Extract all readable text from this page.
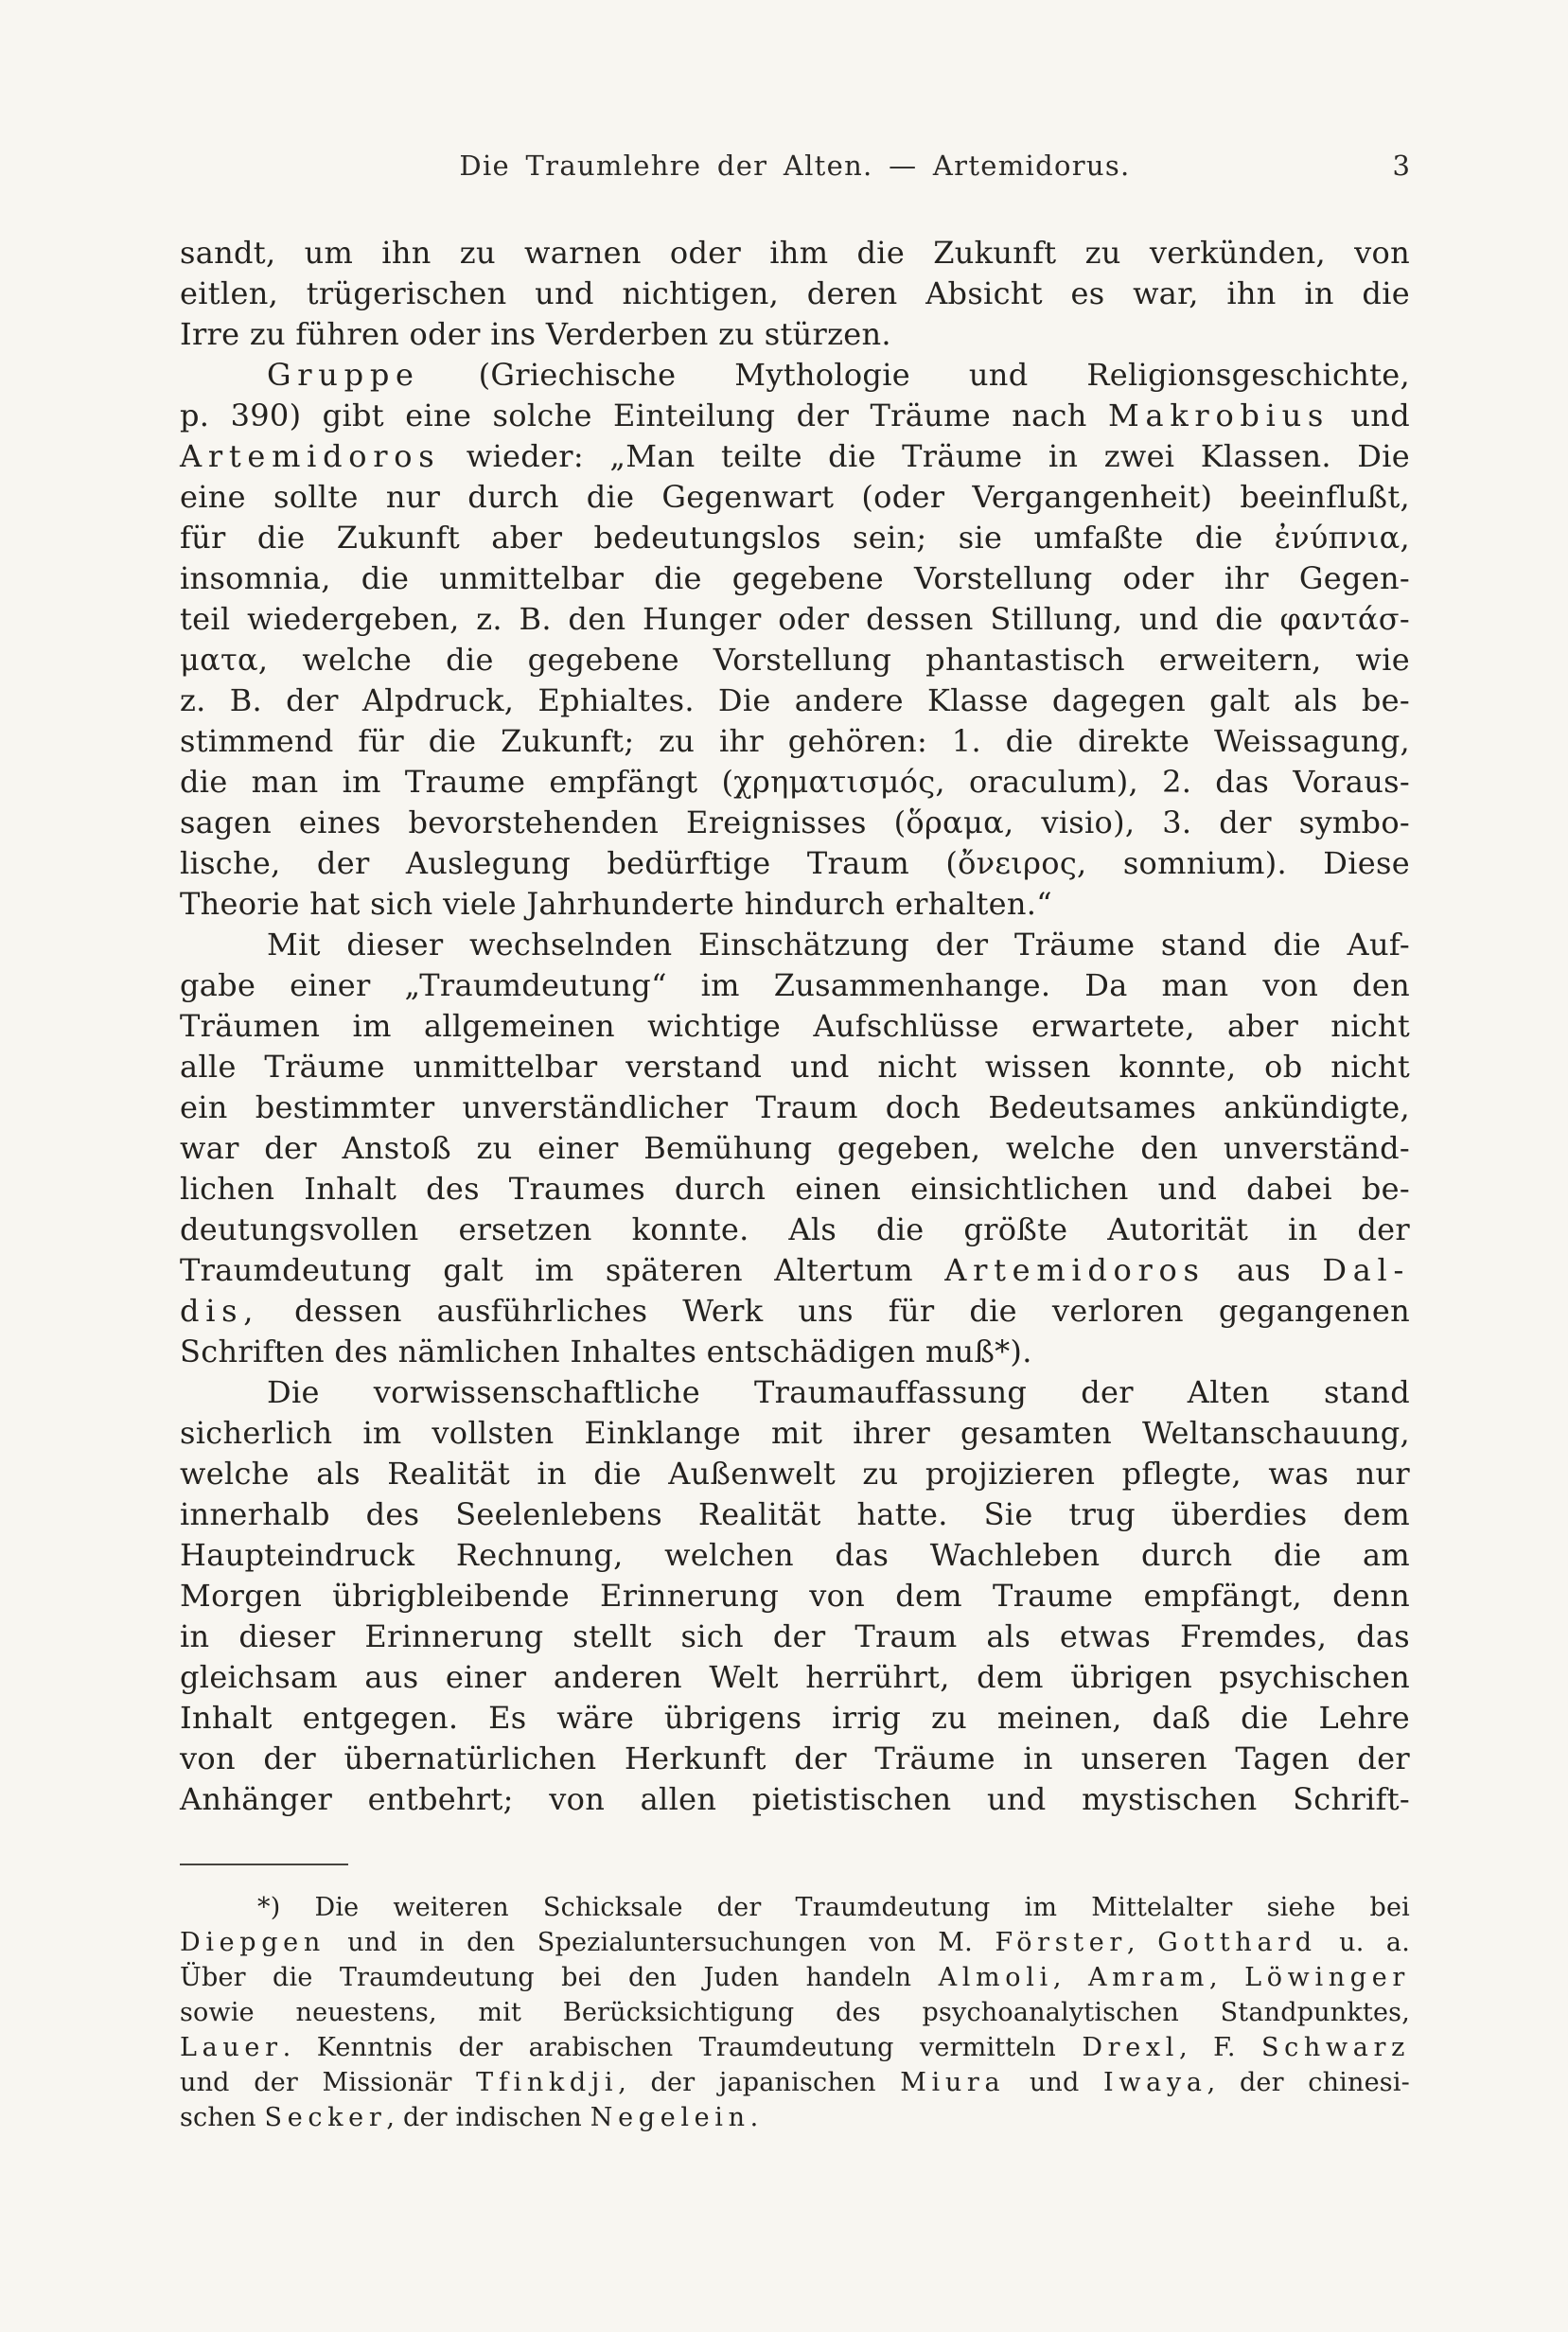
Die Traumlehre der Alten. — Artemidorus.	3
sandt, um ihn zu warnen oder ihm die Zukunft zu verkünden, von
eitlen, trügerischen und nichtigen, deren Absicht es war, ihn in die
Irre zu führen oder ins Verderben zu stürzen.
Gruppe (Griechische Mythologie und Religionsgeschichte,
p. 390) gibt eine solche Einteilung der Träume nach Makrobius und
Artemidoros wieder: „Man teilte die Träume in zwei Klassen. Die
eine sollte nur durch die Gegenwart (oder Vergangenheit) beeinflußt,
für die Zukunft aber bedeutungslos sein; sie umfaßte die ἐνύπνια,
insomnia, die unmittelbar die gegebene Vorstellung oder ihr Gegen-
teil wiedergeben, z. B. den Hunger oder dessen Stillung, und die φαντάσ-
ματα, welche die gegebene Vorstellung phantastisch erweitern, wie
z. B. der Alpdruck, Ephialtes. Die andere Klasse dagegen galt als be-
stimmend für die Zukunft; zu ihr gehören: 1. die direkte Weissagung,
die man im Traume empfängt (χρηματισμός, oraculum), 2. das Voraus-
sagen eines bevorstehenden Ereignisses (ὅραμα, visio), 3. der symbo-
lische, der Auslegung bedürftige Traum (ὄνειρος, somnium). Diese
Theorie hat sich viele Jahrhunderte hindurch erhalten.“
Mit dieser wechselnden Einschätzung der Träume stand die Auf-
gabe einer „Traumdeutung“ im Zusammenhange. Da man von den
Träumen im allgemeinen wichtige Aufschlüsse erwartete, aber nicht
alle Träume unmittelbar verstand und nicht wissen konnte, ob nicht
ein bestimmter unverständlicher Traum doch Bedeutsames ankündigte,
war der Anstoß zu einer Bemühung gegeben, welche den unverständ-
lichen Inhalt des Traumes durch einen einsichtlichen und dabei be-
deutungsvollen ersetzen konnte. Als die größte Autorität in der
Traumdeutung galt im späteren Altertum Artemidoros aus Dal-
dis, dessen ausführliches Werk uns für die verloren gegangenen
Schriften des nämlichen Inhaltes entschädigen muß*).
Die vorwissenschaftliche Traumauffassung der Alten stand
sicherlich im vollsten Einklange mit ihrer gesamten Weltanschauung,
welche als Realität in die Außenwelt zu projizieren pflegte, was nur
innerhalb des Seelenlebens Realität hatte. Sie trug überdies dem
Haupteindruck Rechnung, welchen das Wachleben durch die am
Morgen übrigbleibende Erinnerung von dem Traume empfängt, denn
in dieser Erinnerung stellt sich der Traum als etwas Fremdes, das
gleichsam aus einer anderen Welt herrührt, dem übrigen psychischen
Inhalt entgegen. Es wäre übrigens irrig zu meinen, daß die Lehre
von der übernatürlichen Herkunft der Träume in unseren Tagen der
Anhänger entbehrt; von allen pietistischen und mystischen Schrift-
*) Die weiteren Schicksale der Traumdeutung im Mittelalter siehe bei
Diepgen und in den Spezialuntersuchungen von M. Förster, Gotthard u. a.
Über die Traumdeutung bei den Juden handeln Almoli, Amram, Löwinger
sowie neuestens, mit Berücksichtigung des psychoanalytischen Standpunktes,
Lauer. Kenntnis der arabischen Traumdeutung vermitteln Drexl, F. Schwarz
und der Missionär Tfinkdji, der japanischen Miura und Iwaya, der chinesi-
schen Secker, der indischen Negelein.
